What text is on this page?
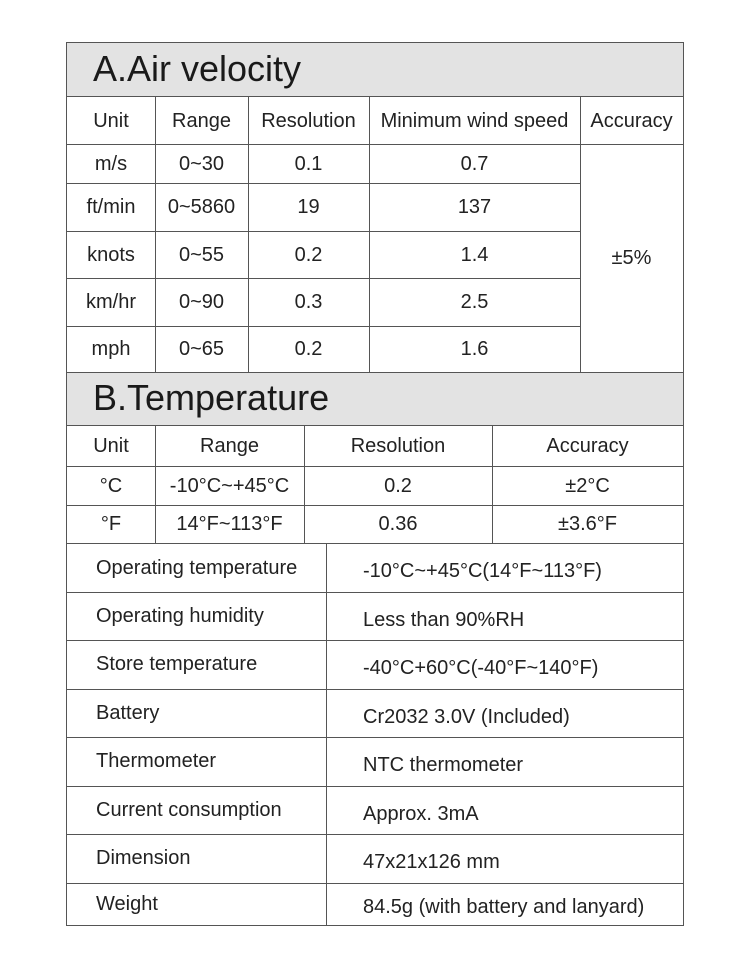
A.Air velocity
Unit	Range	Resolution	Minimum wind speed	Accuracy
m/s	0~30	0.1	0.7
ft/min	0~5860	19	137
knots	0~55	0.2	1.4
km/hr	0~90	0.3	2.5
mph	0~65	0.2	1.6
±5%
B.Temperature
Unit	Range	Resolution	Accuracy
°C	-10°C~+45°C	0.2	±2°C
°F	14°F~113°F	0.36	±3.6°F
Operating temperature	-10°C~+45°C(14°F~113°F)
Operating humidity	Less than 90%RH
Store temperature	-40°C+60°C(-40°F~140°F)
Battery	Cr2032 3.0V (Included)
Thermometer	NTC thermometer
Current consumption	Approx. 3mA
Dimension	47x21x126 mm
Weight	84.5g (with battery and lanyard)
